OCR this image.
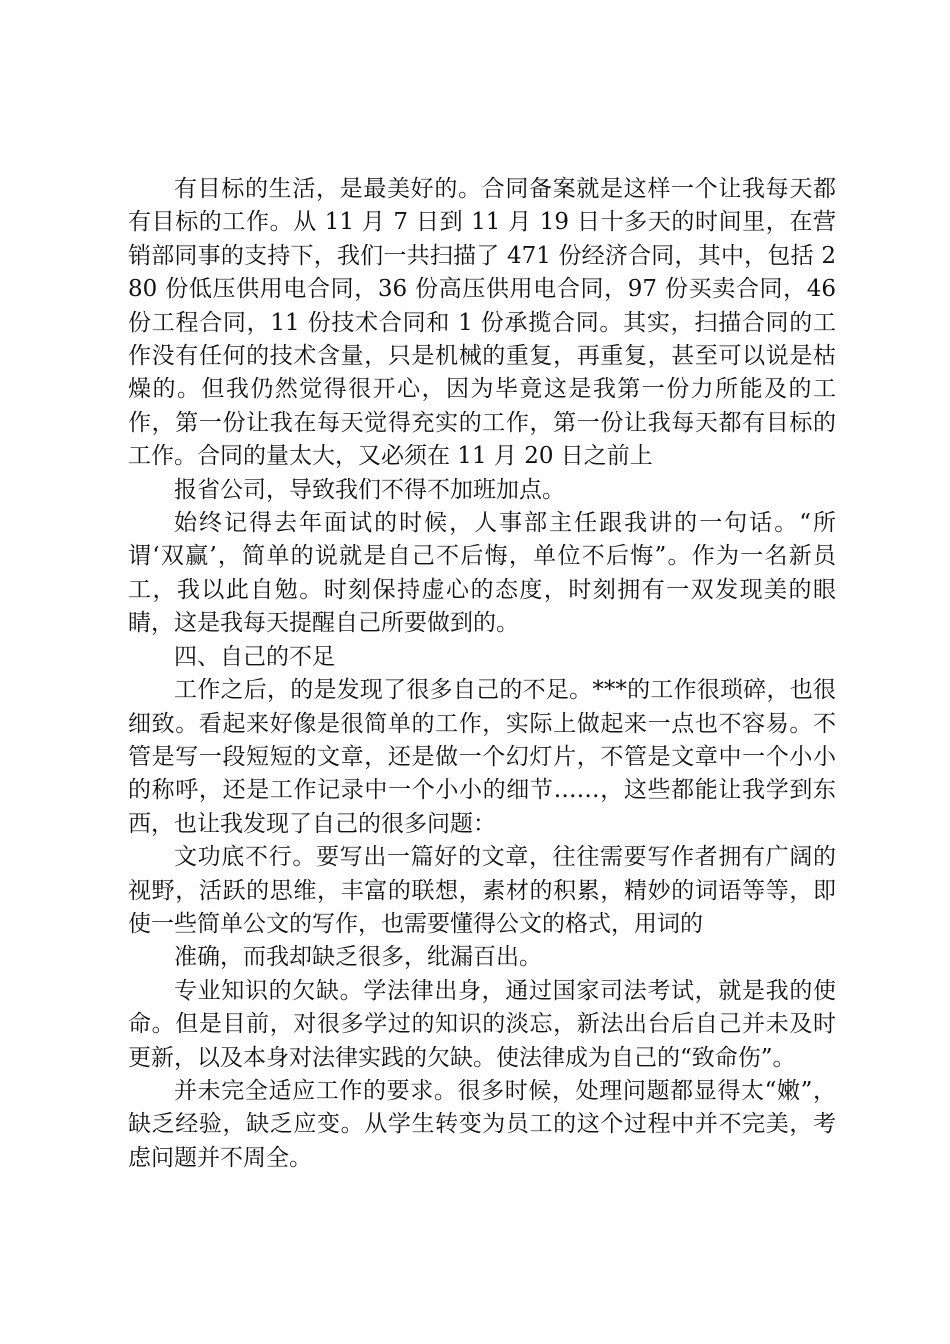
有目标的生活，是最美好的。合同备案就是这样一个让我每天都有目标的工作。从 11 月 7 日到 11 月 19 日十多天的时间里，在营销部同事的支持下，我们一共扫描了 471 份经济合同，其中，包括 280 份低压供用电合同，36 份高压供用电合同，97 份买卖合同，46 份工程合同，11 份技术合同和 1 份承揽合同。其实，扫描合同的工作没有任何的技术含量，只是机械的重复，再重复，甚至可以说是枯燥的。但我仍然觉得很开心，因为毕竟这是我第一份力所能及的工作，第一份让我在每天觉得充实的工作，第一份让我每天都有目标的工作。合同的量太大，又必须在 11 月 20 日之前上

报省公司，导致我们不得不加班加点。

始终记得去年面试的时候，人事部主任跟我讲的一句话。“所谓‘双赢’，简单的说就是自己不后悔，单位不后悔”。作为一名新员工，我以此自勉。时刻保持虚心的态度，时刻拥有一双发现美的眼睛，这是我每天提醒自己所要做到的。

四、自己的不足

工作之后，的是发现了很多自己的不足。***的工作很琐碎，也很细致。看起来好像是很简单的工作，实际上做起来一点也不容易。不管是写一段短短的文章，还是做一个幻灯片，不管是文章中一个小小的称呼，还是工作记录中一个小小的细节……，这些都能让我学到东西，也让我发现了自己的很多问题：

文功底不行。要写出一篇好的文章，往往需要写作者拥有广阔的视野，活跃的思维，丰富的联想，素材的积累，精妙的词语等等，即使一些简单公文的写作，也需要懂得公文的格式，用词的

准确，而我却缺乏很多，纰漏百出。

专业知识的欠缺。学法律出身，通过国家司法考试，就是我的使命。但是目前，对很多学过的知识的淡忘，新法出台后自己并未及时更新，以及本身对法律实践的欠缺。使法律成为自己的“致命伤”。

并未完全适应工作的要求。很多时候，处理问题都显得太“嫩”，缺乏经验，缺乏应变。从学生转变为员工的这个过程中并不完美，考虑问题并不周全。
